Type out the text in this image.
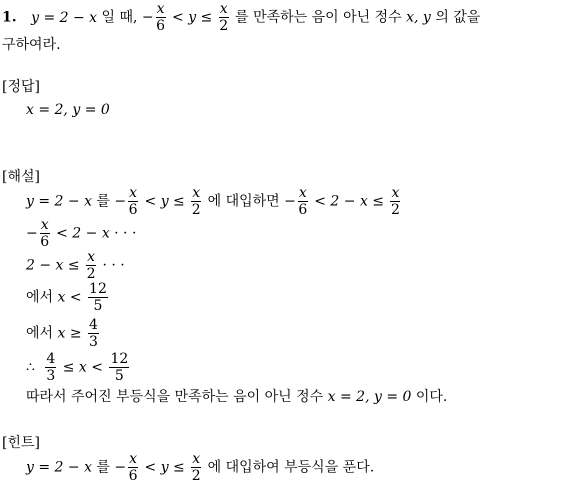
1. y = 2 − x 일 때, − $\frac{x}{6} < y \le \frac{x}{2}$ 를 만족하는 음이 아닌 정수 x, y 의 값을
구하여라.
[정답]
x = 2, y = 0
[해설]
y = 2 − x 를 − $\frac{x}{6} < y \le \frac{x}{2}$ 에 대입하면 − $\frac{x}{6} < 2 - x \le \frac{x}{2}$
− $\frac{x}{6} < 2 - x$ · · ·
$2 - x \le \frac{x}{2}$ · · ·
에서 $x < \frac{12}{5}$
에서 $x \ge \frac{4}{3}$
∴ $\frac{4}{3} \le x < \frac{12}{5}$
따라서 주어진 부등식을 만족하는 음이 아닌 정수 x = 2, y = 0 이다.
[힌트]
y = 2 − x 를 − $\frac{x}{6} < y \le \frac{x}{2}$ 에 대입하여 부등식을 푼다.
